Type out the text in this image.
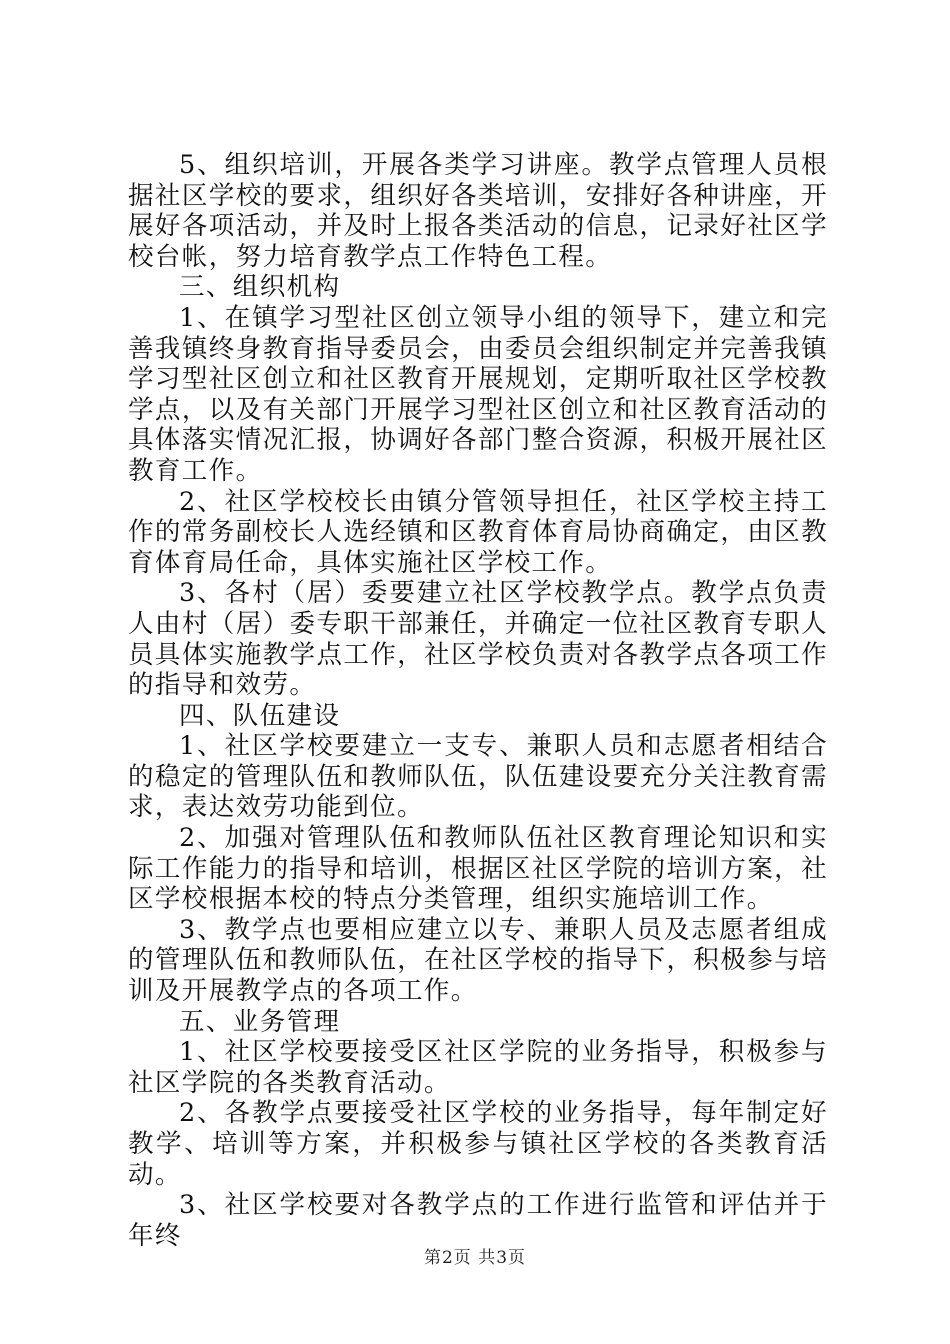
5、组织培训，开展各类学习讲座。教学点管理人员根据社区学校的要求，组织好各类培训，安排好各种讲座，开展好各项活动，并及时上报各类活动的信息，记录好社区学校台帐，努力培育教学点工作特色工程。

三、组织机构

1、在镇学习型社区创立领导小组的领导下，建立和完善我镇终身教育指导委员会，由委员会组织制定并完善我镇学习型社区创立和社区教育开展规划，定期听取社区学校教学点，以及有关部门开展学习型社区创立和社区教育活动的具体落实情况汇报，协调好各部门整合资源，积极开展社区教育工作。

2、社区学校校长由镇分管领导担任，社区学校主持工作的常务副校长人选经镇和区教育体育局协商确定，由区教育体育局任命，具体实施社区学校工作。

3、各村（居）委要建立社区学校教学点。教学点负责人由村（居）委专职干部兼任，并确定一位社区教育专职人员具体实施教学点工作，社区学校负责对各教学点各项工作的指导和效劳。

四、队伍建设

1、社区学校要建立一支专、兼职人员和志愿者相结合的稳定的管理队伍和教师队伍，队伍建设要充分关注教育需求，表达效劳功能到位。

2、加强对管理队伍和教师队伍社区教育理论知识和实际工作能力的指导和培训，根据区社区学院的培训方案，社区学校根据本校的特点分类管理，组织实施培训工作。

3、教学点也要相应建立以专、兼职人员及志愿者组成的管理队伍和教师队伍，在社区学校的指导下，积极参与培训及开展教学点的各项工作。

五、业务管理

1、社区学校要接受区社区学院的业务指导，积极参与社区学院的各类教育活动。

2、各教学点要接受社区学校的业务指导，每年制定好教学、培训等方案，并积极参与镇社区学校的各类教育活动。

3、社区学校要对各教学点的工作进行监管和评估并于年终

第2页 共3页
